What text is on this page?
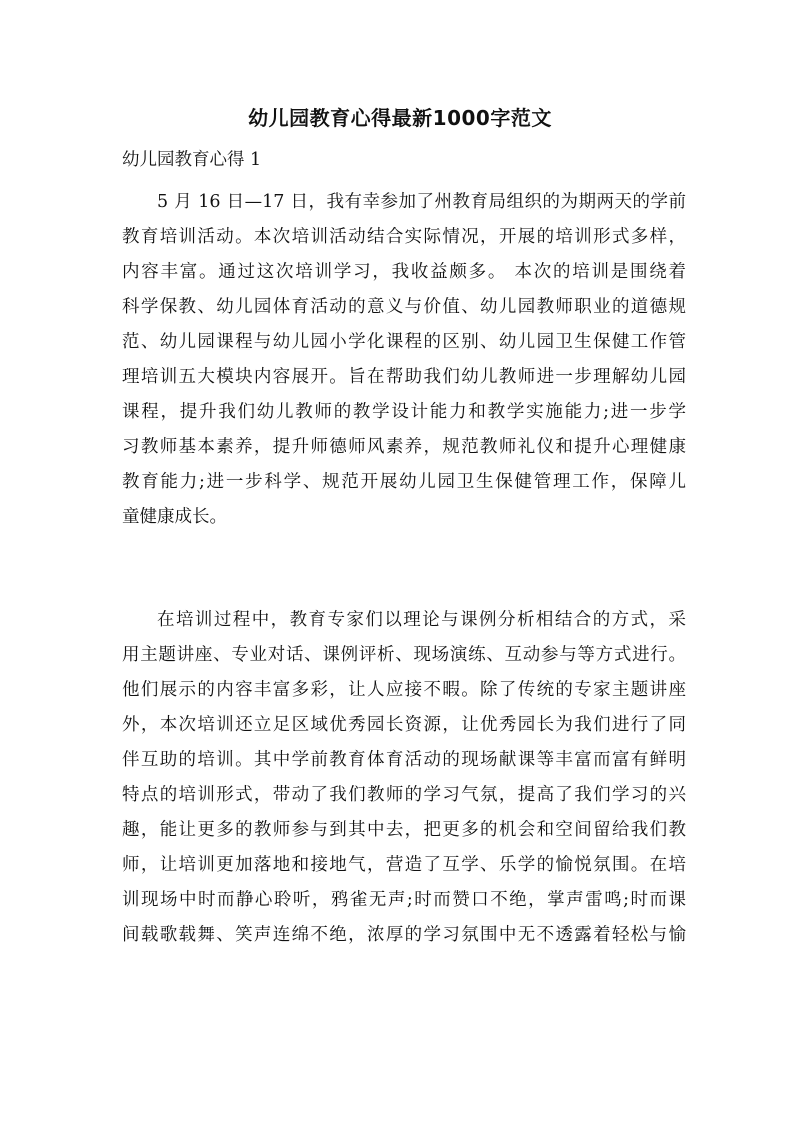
幼儿园教育心得最新1000字范文

幼儿园教育心得 1

5 月 16 日—17 日，我有幸参加了州教育局组织的为期两天的学前
教育培训活动。本次培训活动结合实际情况，开展的培训形式多样，
内容丰富。通过这次培训学习，我收益颇多。 本次的培训是围绕着
科学保教、幼儿园体育活动的意义与价值、幼儿园教师职业的道德规
范、幼儿园课程与幼儿园小学化课程的区别、幼儿园卫生保健工作管
理培训五大模块内容展开。旨在帮助我们幼儿教师进一步理解幼儿园
课程，提升我们幼儿教师的教学设计能力和教学实施能力;进一步学
习教师基本素养，提升师德师风素养，规范教师礼仪和提升心理健康
教育能力;进一步科学、规范开展幼儿园卫生保健管理工作，保障儿
童健康成长。
在培训过程中，教育专家们以理论与课例分析相结合的方式，采
用主题讲座、专业对话、课例评析、现场演练、互动参与等方式进行。
他们展示的内容丰富多彩，让人应接不暇。除了传统的专家主题讲座
外，本次培训还立足区域优秀园长资源，让优秀园长为我们进行了同
伴互助的培训。其中学前教育体育活动的现场献课等丰富而富有鲜明
特点的培训形式，带动了我们教师的学习气氛，提高了我们学习的兴
趣，能让更多的教师参与到其中去，把更多的机会和空间留给我们教
师，让培训更加落地和接地气，营造了互学、乐学的愉悦氛围。在培
训现场中时而静心聆听，鸦雀无声;时而赞口不绝，掌声雷鸣;时而课
间载歌载舞、笑声连绵不绝，浓厚的学习氛围中无不透露着轻松与愉
